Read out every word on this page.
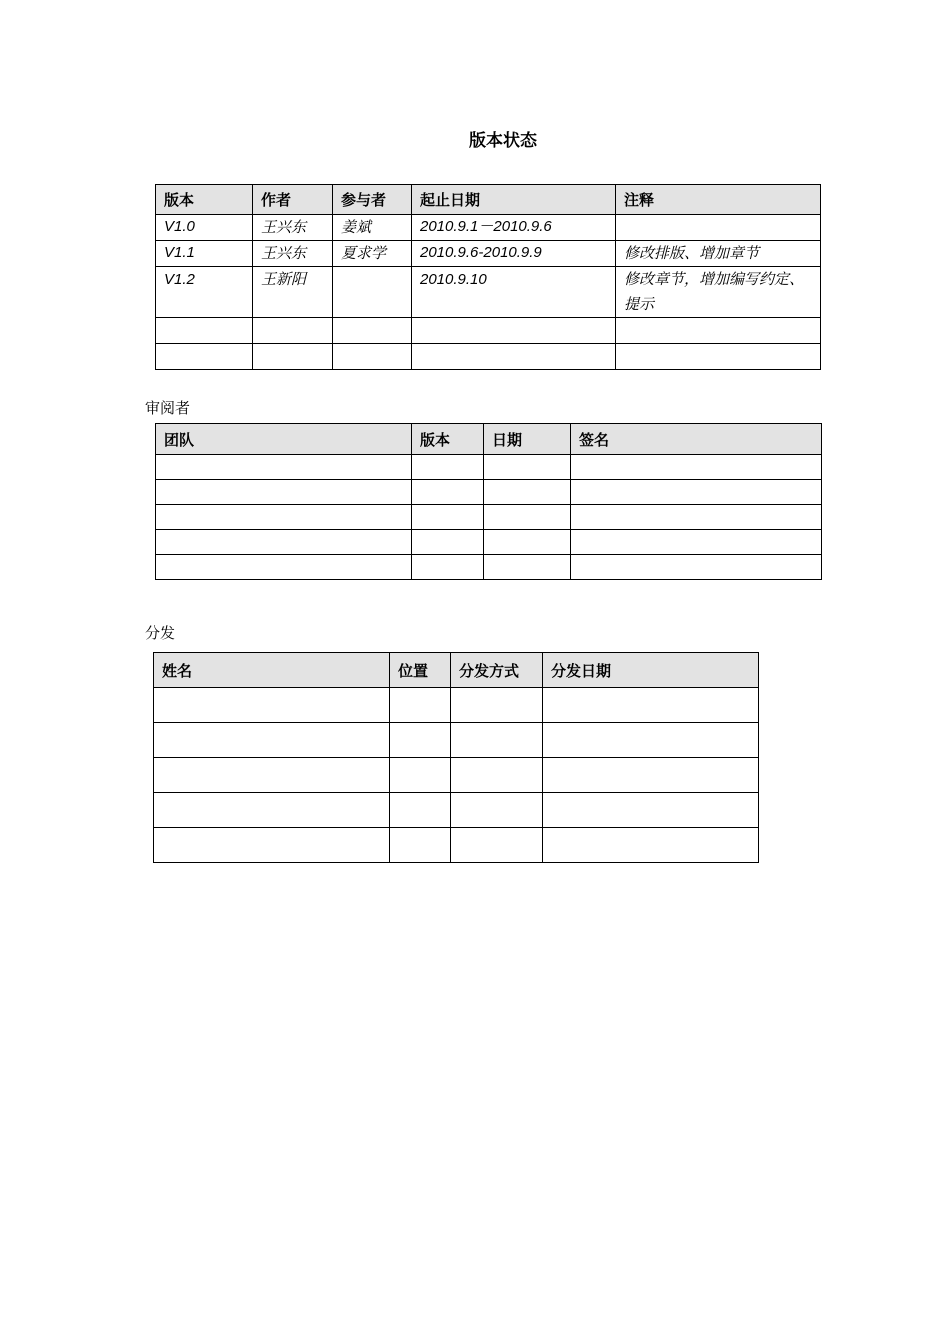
版本状态
版本	作者	参与者	起止日期	注释
V1.0	王兴东	姜斌	2010.9.1－2010.9.6	
V1.1	王兴东	夏求学	2010.9.6-2010.9.9	修改排版、增加章节
V1.2	王新阳		2010.9.10	修改章节，增加编写约定、提示

审阅者
团队	版本	日期	签名

分发
姓名	位置	分发方式	分发日期
